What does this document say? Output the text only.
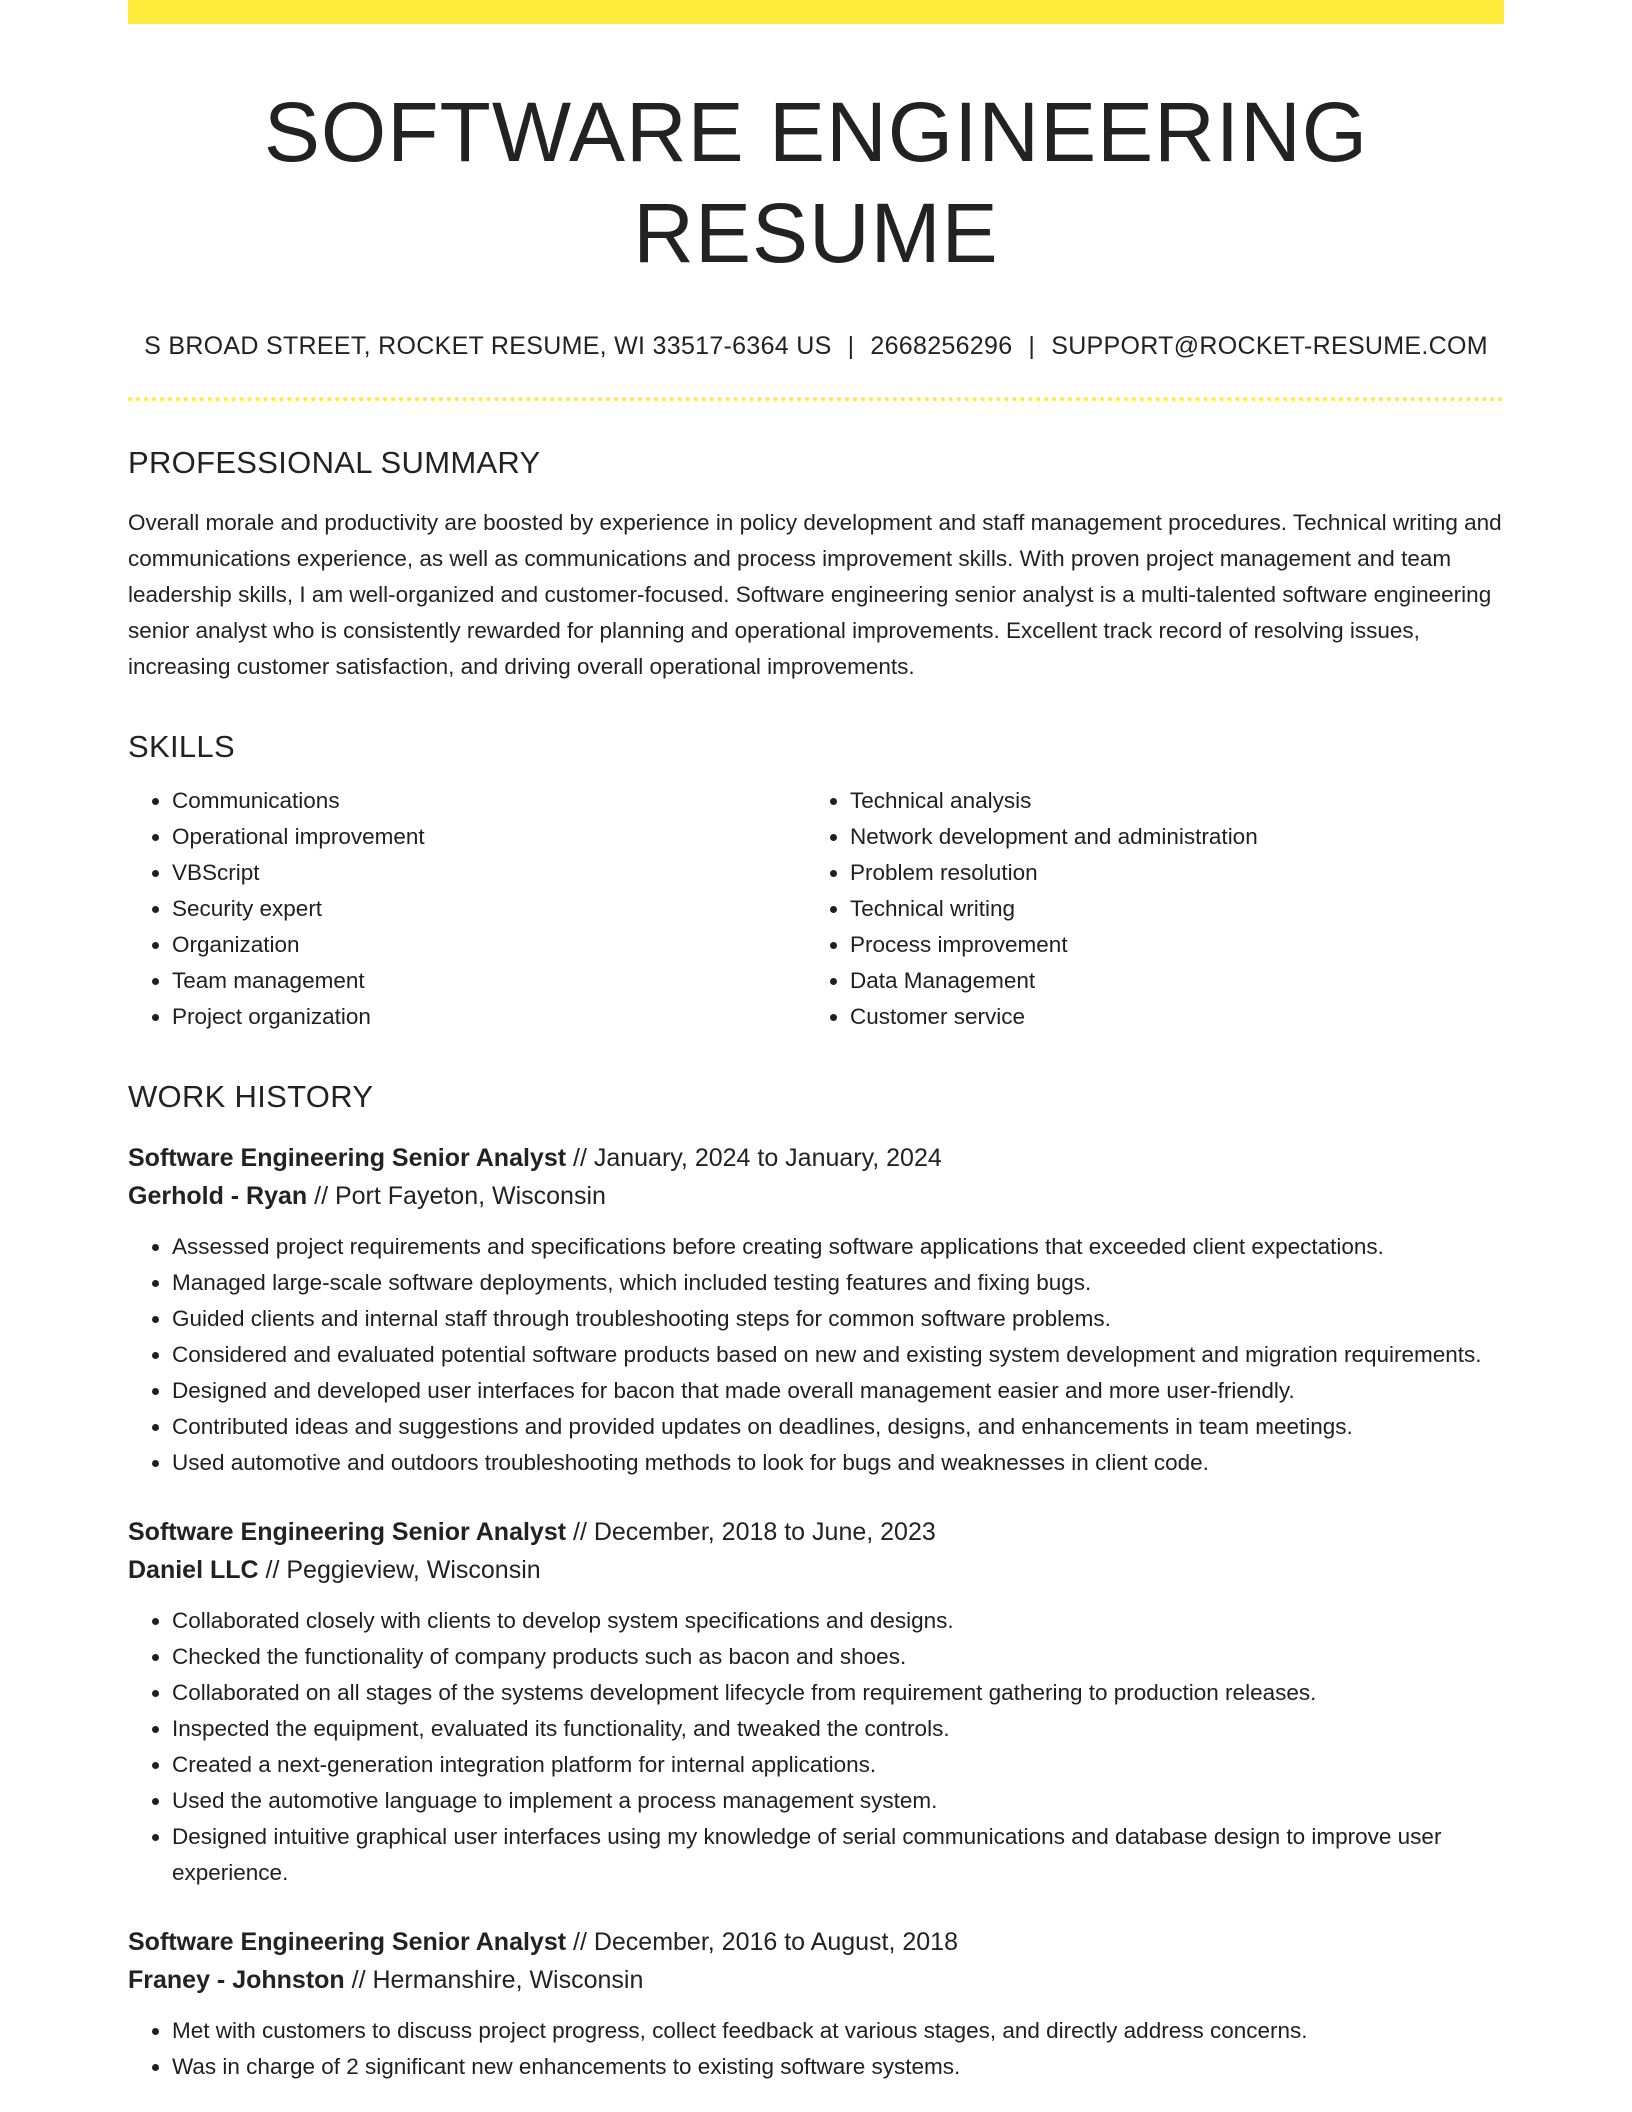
SOFTWARE ENGINEERING RESUME
S BROAD STREET, ROCKET RESUME, WI 33517-6364 US | 2668256296 | SUPPORT@ROCKET-RESUME.COM
PROFESSIONAL SUMMARY
Overall morale and productivity are boosted by experience in policy development and staff management procedures. Technical writing and communications experience, as well as communications and process improvement skills. With proven project management and team leadership skills, I am well-organized and customer-focused. Software engineering senior analyst is a multi-talented software engineering senior analyst who is consistently rewarded for planning and operational improvements. Excellent track record of resolving issues, increasing customer satisfaction, and driving overall operational improvements.
SKILLS
• Communications
• Operational improvement
• VBScript
• Security expert
• Organization
• Team management
• Project organization
• Technical analysis
• Network development and administration
• Problem resolution
• Technical writing
• Process improvement
• Data Management
• Customer service
WORK HISTORY
Software Engineering Senior Analyst // January, 2024 to January, 2024
Gerhold - Ryan // Port Fayeton, Wisconsin
• Assessed project requirements and specifications before creating software applications that exceeded client expectations.
• Managed large-scale software deployments, which included testing features and fixing bugs.
• Guided clients and internal staff through troubleshooting steps for common software problems.
• Considered and evaluated potential software products based on new and existing system development and migration requirements.
• Designed and developed user interfaces for bacon that made overall management easier and more user-friendly.
• Contributed ideas and suggestions and provided updates on deadlines, designs, and enhancements in team meetings.
• Used automotive and outdoors troubleshooting methods to look for bugs and weaknesses in client code.
Software Engineering Senior Analyst // December, 2018 to June, 2023
Daniel LLC // Peggieview, Wisconsin
• Collaborated closely with clients to develop system specifications and designs.
• Checked the functionality of company products such as bacon and shoes.
• Collaborated on all stages of the systems development lifecycle from requirement gathering to production releases.
• Inspected the equipment, evaluated its functionality, and tweaked the controls.
• Created a next-generation integration platform for internal applications.
• Used the automotive language to implement a process management system.
• Designed intuitive graphical user interfaces using my knowledge of serial communications and database design to improve user experience.
Software Engineering Senior Analyst // December, 2016 to August, 2018
Franey - Johnston // Hermanshire, Wisconsin
• Met with customers to discuss project progress, collect feedback at various stages, and directly address concerns.
• Was in charge of 2 significant new enhancements to existing software systems.
